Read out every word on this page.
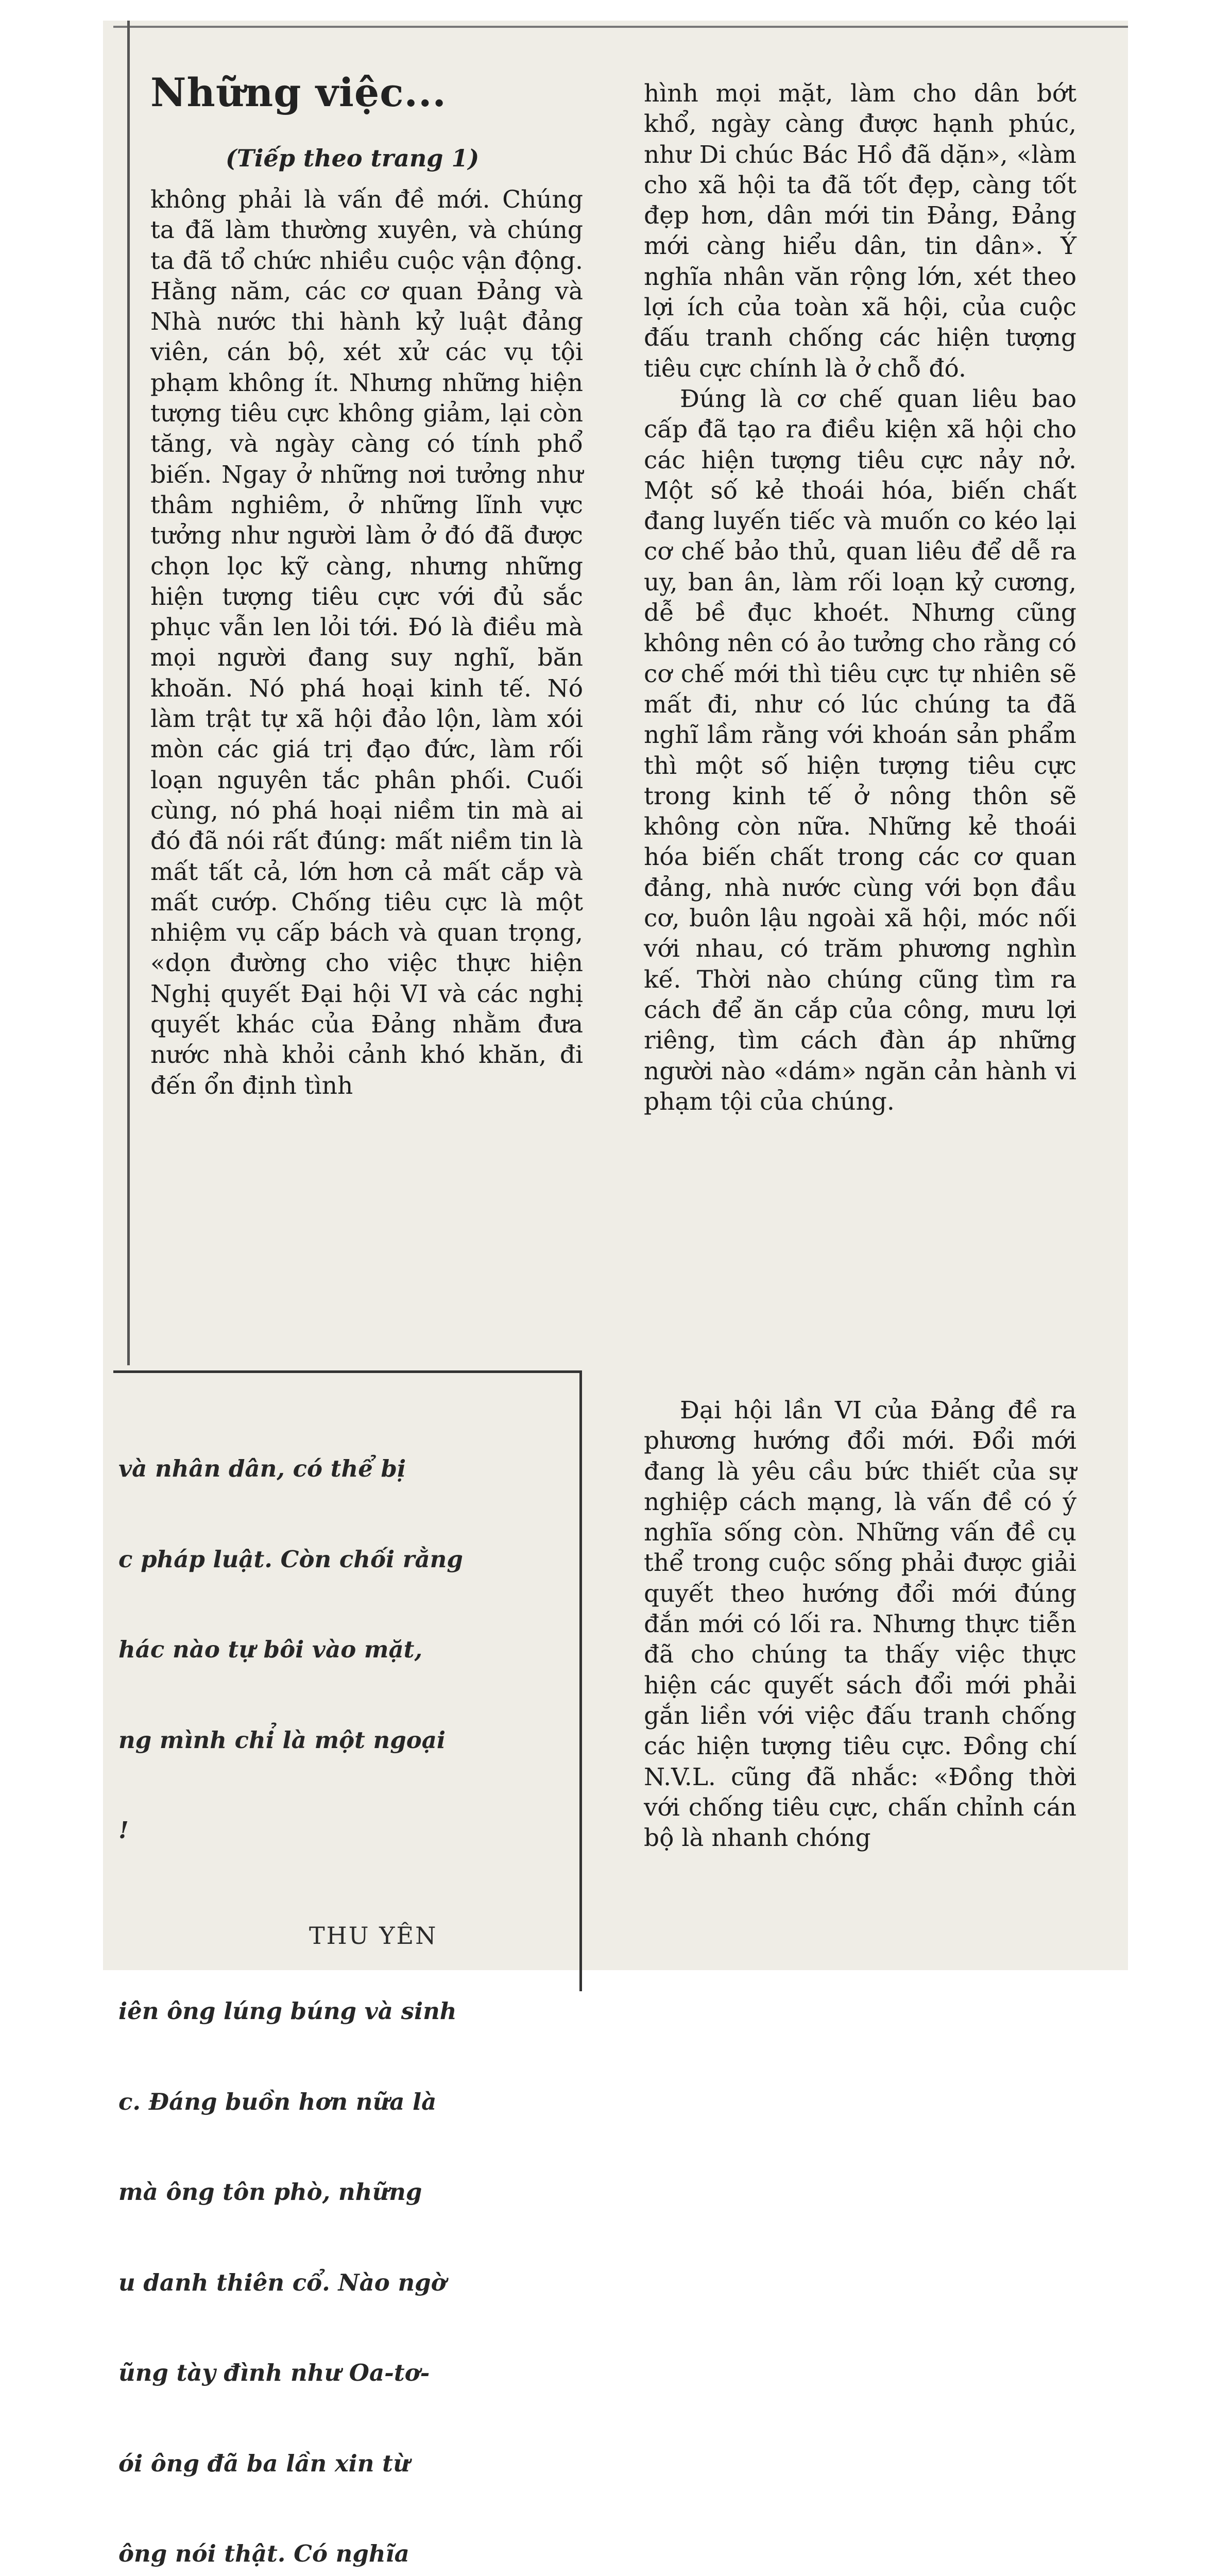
Những việc...
(Tiếp theo trang 1)

không phải là vấn đề mới. Chúng ta đã làm thường xuyên, và chúng ta đã tổ chức nhiều cuộc vận động. Hằng năm, các cơ quan Đảng và Nhà nước thi hành kỷ luật đảng viên, cán bộ, xét xử các vụ tội phạm không ít. Nhưng những hiện tượng tiêu cực không giảm, lại còn tăng, và ngày càng có tính phổ biến. Ngay ở những nơi tưởng như thâm nghiêm, ở những lĩnh vực tưởng như người làm ở đó đã được chọn lọc kỹ càng, nhưng những hiện tượng tiêu cực với đủ sắc phục vẫn len lỏi tới. Đó là điều mà mọi người đang suy nghĩ, băn khoăn. Nó phá hoại kinh tế. Nó làm trật tự xã hội đảo lộn, làm xói mòn các giá trị đạo đức, làm rối loạn nguyên tắc phân phối. Cuối cùng, nó phá hoại niềm tin mà ai đó đã nói rất đúng: mất niềm tin là mất tất cả, lớn hơn cả mất cắp và mất cướp. Chống tiêu cực là một nhiệm vụ cấp bách và quan trọng, «dọn đường cho việc thực hiện Nghị quyết Đại hội VI và các nghị quyết khác của Đảng nhằm đưa nước nhà khỏi cảnh khó khăn, đi đến ổn định tình

hình mọi mặt, làm cho dân bớt khổ, ngày càng được hạnh phúc, như Di chúc Bác Hồ đã dặn», «làm cho xã hội ta đã tốt đẹp, càng tốt đẹp hơn, dân mới tin Đảng, Đảng mới càng hiểu dân, tin dân». Ý nghĩa nhân văn rộng lớn, xét theo lợi ích của toàn xã hội, của cuộc đấu tranh chống các hiện tượng tiêu cực chính là ở chỗ đó.

Đúng là cơ chế quan liêu bao cấp đã tạo ra điều kiện xã hội cho các hiện tượng tiêu cực nảy nở. Một số kẻ thoái hóa, biến chất đang luyến tiếc và muốn co kéo lại cơ chế bảo thủ, quan liêu để dễ ra uy, ban ân, làm rối loạn kỷ cương, dễ bề đục khoét. Nhưng cũng không nên có ảo tưởng cho rằng có cơ chế mới thì tiêu cực tự nhiên sẽ mất đi, như có lúc chúng ta đã nghĩ lầm rằng với khoán sản phẩm thì một số hiện tượng tiêu cực trong kinh tế ở nông thôn sẽ không còn nữa. Những kẻ thoái hóa biến chất trong các cơ quan đảng, nhà nước cùng với bọn đầu cơ, buôn lậu ngoài xã hội, móc nối với nhau, có trăm phương nghìn kế. Thời nào chúng cũng tìm ra cách để ăn cắp của công, mưu lợi riêng, tìm cách đàn áp những người nào «dám» ngăn cản hành vi phạm tội của chúng.

Đại hội lần VI của Đảng đề ra phương hướng đổi mới. Đổi mới đang là yêu cầu bức thiết của sự nghiệp cách mạng, là vấn đề có ý nghĩa sống còn. Những vấn đề cụ thể trong cuộc sống phải được giải quyết theo hướng đổi mới đúng đắn mới có lối ra. Nhưng thực tiễn đã cho chúng ta thấy việc thực hiện các quyết sách đổi mới phải gắn liền với việc đấu tranh chống các hiện tượng tiêu cực. Đồng chí N.V.L. cũng đã nhắc: «Đồng thời với chống tiêu cực, chấn chỉnh cán bộ là nhanh chóng

và nhân dân, có thể bị

c pháp luật. Còn chối rằng

hác nào tự bôi vào mặt,

ng mình chỉ là một ngoại

!

iên ông lúng búng và sinh

c. Đáng buồn hơn nữa là

mà ông tôn phò, những

u danh thiên cổ. Nào ngờ

ũng tày đình như Oa-tơ-

ói ông đã ba lần xin từ

ông nói thật. Có nghĩa

THU YÊN
